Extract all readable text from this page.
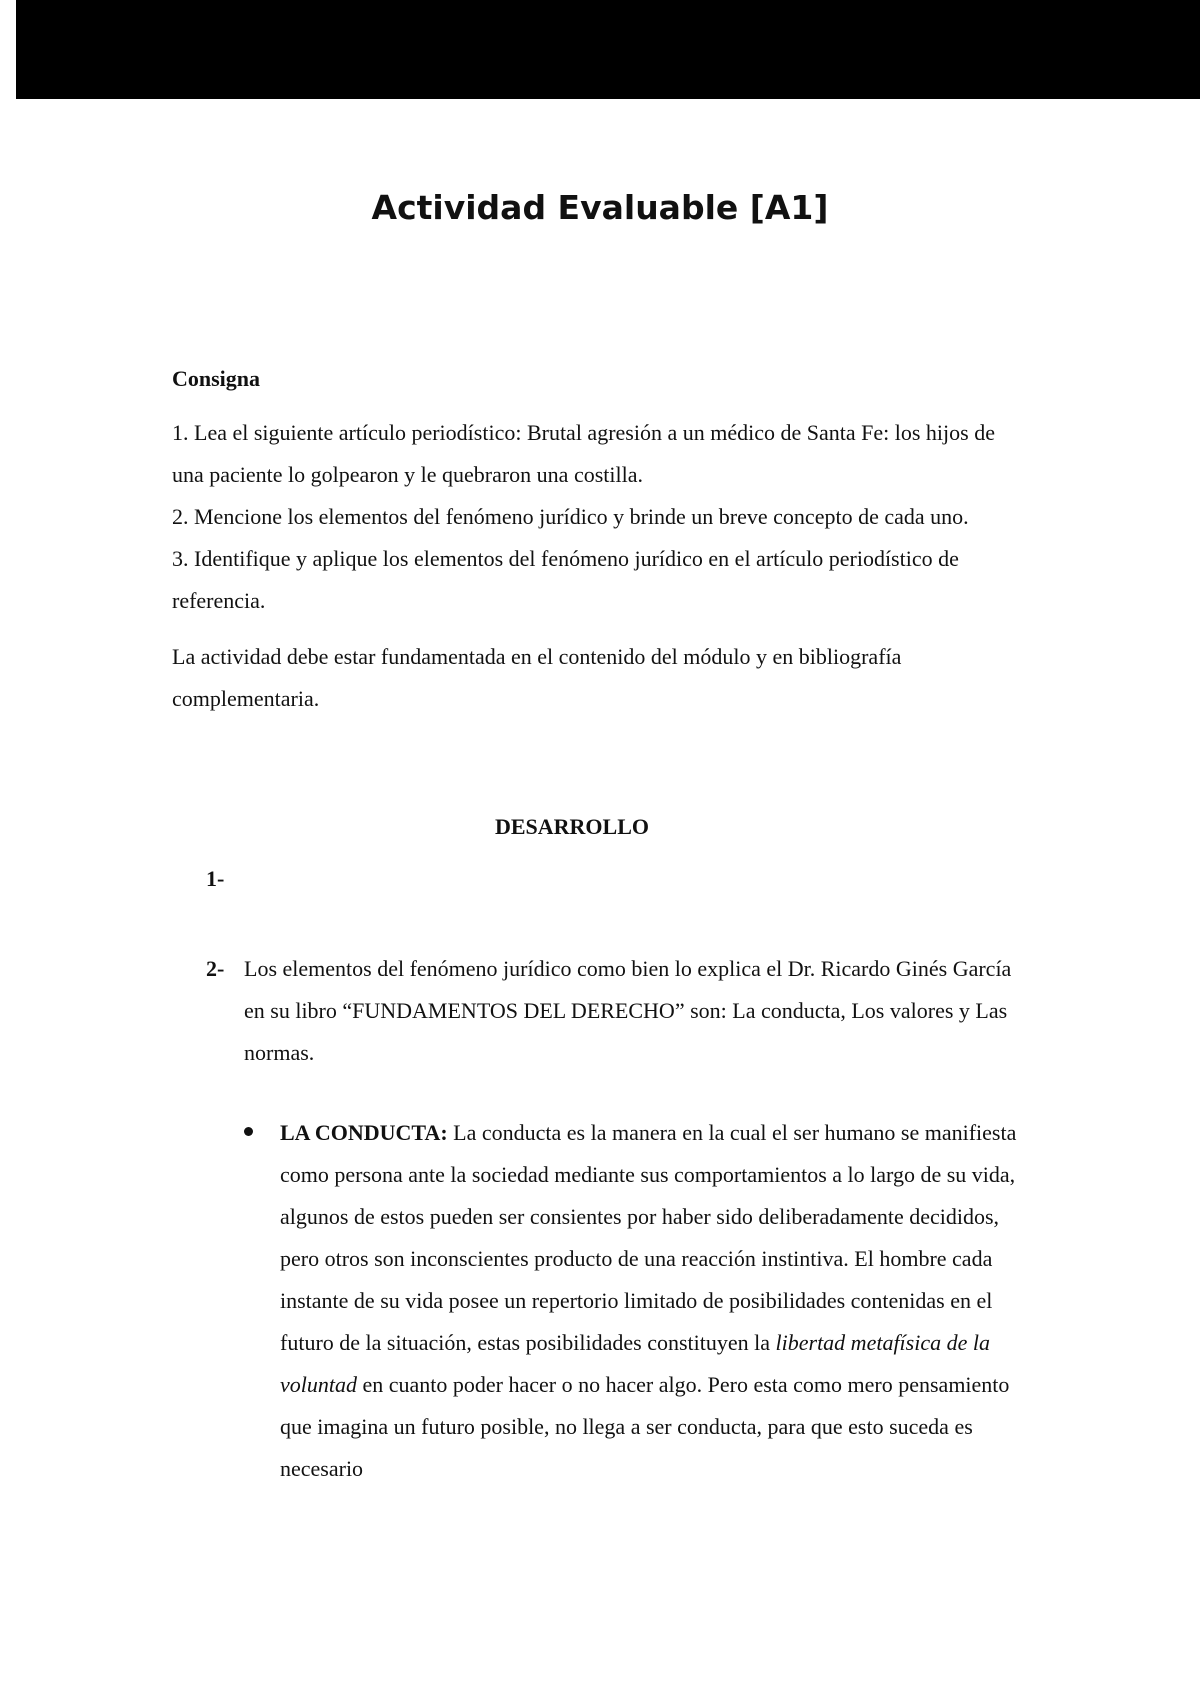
Actividad Evaluable [A1]
Consigna

1. Lea el siguiente artículo periodístico: Brutal agresión a un médico de Santa Fe: los hijos de una paciente lo golpearon y le quebraron una costilla.

2. Mencione los elementos del fenómeno jurídico y brinde un breve concepto de cada uno.

3. Identifique y aplique los elementos del fenómeno jurídico en el artículo periodístico de referencia.

La actividad debe estar fundamentada en el contenido del módulo y en bibliografía complementaria.

DESARROLLO
1-
2- Los elementos del fenómeno jurídico como bien lo explica el Dr. Ricardo Ginés García en su libro “FUNDAMENTOS DEL DERECHO” son: La conducta, Los valores y Las normas.
LA CONDUCTA: La conducta es la manera en la cual el ser humano se manifiesta como persona ante la sociedad mediante sus comportamientos a lo largo de su vida, algunos de estos pueden ser consientes por haber sido deliberadamente decididos, pero otros son inconscientes producto de una reacción instintiva. El hombre cada instante de su vida posee un repertorio limitado de posibilidades contenidas en el futuro de la situación, estas posibilidades constituyen la libertad metafísica de la voluntad en cuanto poder hacer o no hacer algo. Pero esta como mero pensamiento que imagina un futuro posible, no llega a ser conducta, para que esto suceda es necesario
